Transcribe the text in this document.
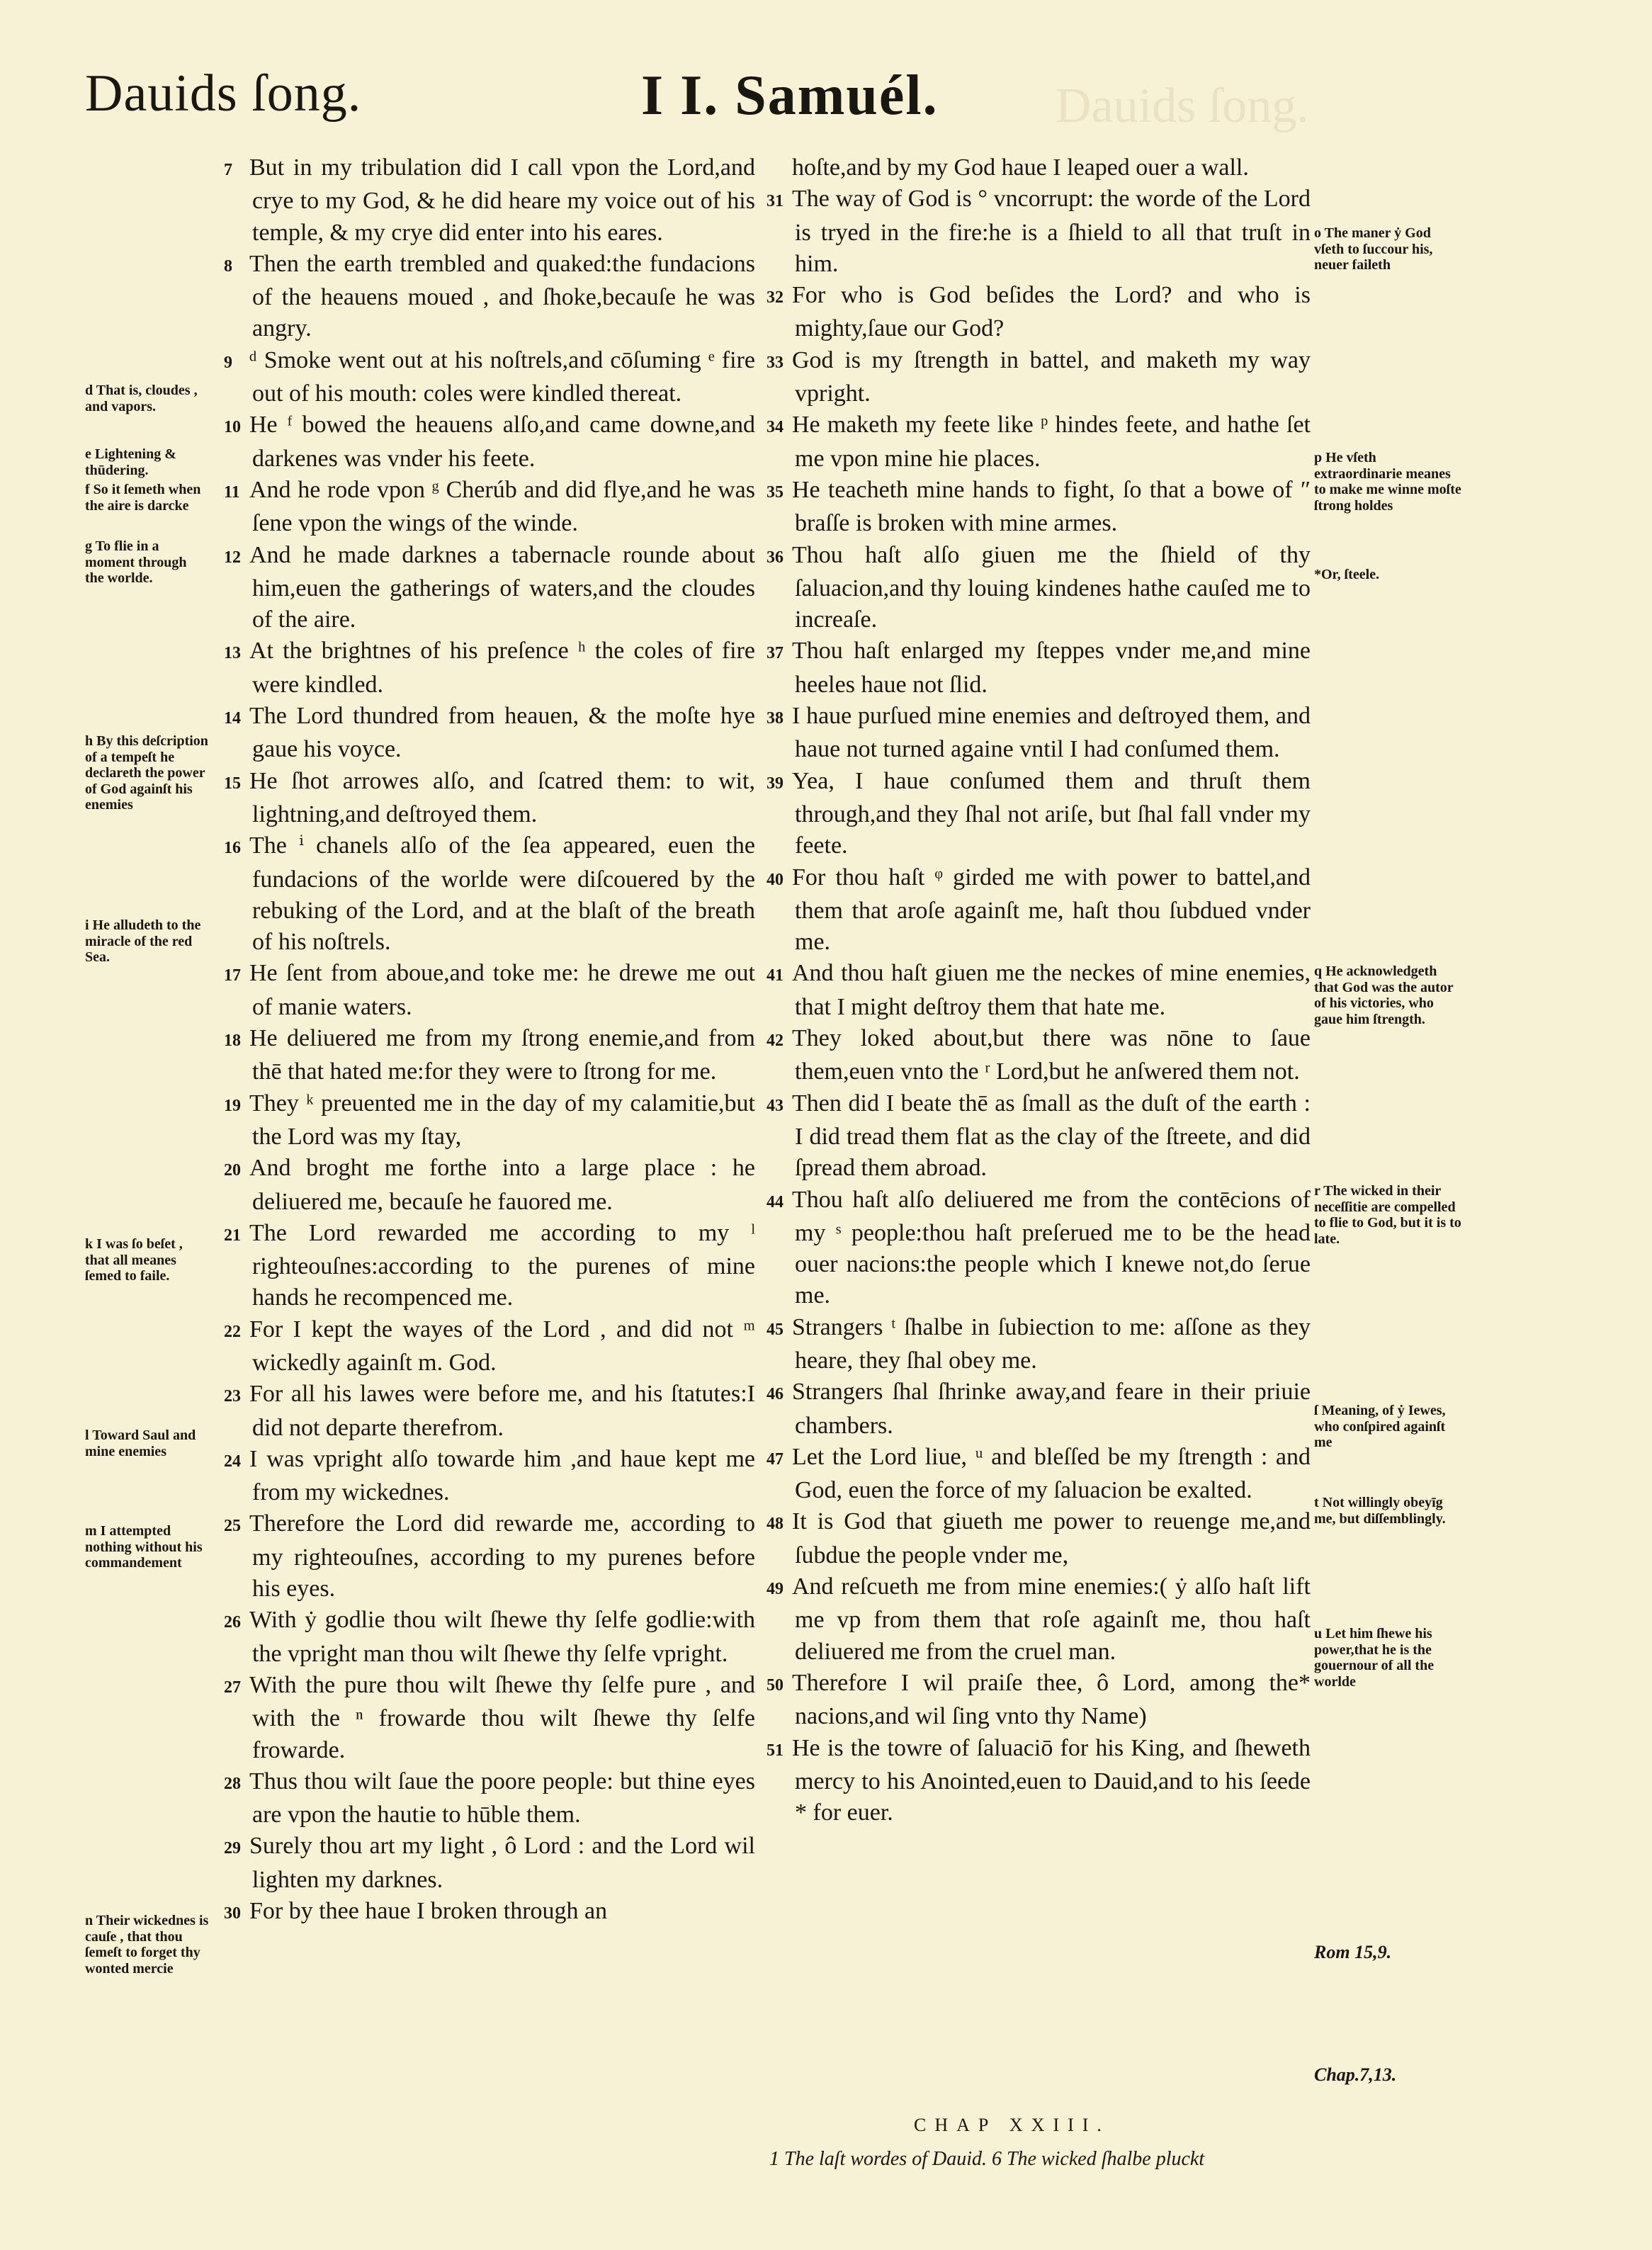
Dauids ſong.
Dauids ſong.	I I. Samuél.
d That is, cloudes , and vapors.
e Lightening & thūdering.
f So it ſemeth when the aire is darcke
g To flie in a moment through the worlde.
h By this deſcription of a tempeſt he declareth the power of God againſt his enemies
i He alludeth to the miracle of the red Sea.
k I was ſo beſet , that all meanes ſemed to faile.
l Toward Saul and mine enemies
m I attempted nothing without his commandement
n Their wickednes is cauſe , that thou ſemeſt to forget thy wonted mercie

7 But in my tribulation did I call vpon the Lord,and crye to my God, & he did heare my voice out of his temple, & my crye did enter into his eares.

8 Then the earth trembled and quaked:the fundacions of the heauens moued , and ſhoke,becauſe he was angry.

9 ᵈ Smoke went out at his noſtrels,and cōſuming ᵉ fire out of his mouth: coles were kindled thereat.

10 He ᶠ bowed the heauens alſo,and came downe,and darkenes was vnder his feete.

11 And he rode vpon ᵍ Cherúb and did flye,and he was ſene vpon the wings of the winde.

12 And he made darknes a tabernacle rounde about him,euen the gatherings of waters,and the cloudes of the aire.

13 At the brightnes of his preſence ʰ the coles of fire were kindled.

14 The Lord thundred from heauen, & the moſte hye gaue his voyce.

15 He ſhot arrowes alſo, and ſcatred them: to wit, lightning,and deſtroyed them.

16 The ⁱ chanels alſo of the ſea appeared, euen the fundacions of the worlde were diſcouered by the rebuking of the Lord, and at the blaſt of the breath of his noſtrels.

17 He ſent from aboue,and toke me: he drewe me out of manie waters.

18 He deliuered me from my ſtrong enemie,and from thē that hated me:for they were to ſtrong for me.

19 They ᵏ preuented me in the day of my calamitie,but the Lord was my ſtay,

20 And broght me forthe into a large place : he deliuered me, becauſe he fauored me.

21 The Lord rewarded me according to my ˡ righteouſnes:according to the purenes of mine hands he recompenced me.

22 For I kept the wayes of the Lord , and did not ᵐ wickedly againſt m. God.

23 For all his lawes were before me, and his ſtatutes:I did not departe therefrom.

24 I was vpright alſo towarde him ,and haue kept me from my wickednes.

25 Therefore the Lord did rewarde me, according to my righteouſnes, according to my purenes before his eyes.

26 With ẏ godlie thou wilt ſhewe thy ſelfe godlie:with the vpright man thou wilt ſhewe thy ſelfe vpright.

27 With the pure thou wilt ſhewe thy ſelfe pure , and with the ⁿ frowarde thou wilt ſhewe thy ſelfe frowarde.

28 Thus thou wilt ſaue the poore people: but thine eyes are vpon the hautie to hūble them.

29 Surely thou art my light , ô Lord : and the Lord wil lighten my darknes.

30 For by thee haue I broken through an

hoſte,and by my God haue I leaped ouer a wall.

31 The way of God is ° vncorrupt: the worde of the Lord is tryed in the fire:he is a ſhield to all that truſt in him.

32 For who is God beſides the Lord? and who is mighty,ſaue our God?

33 God is my ſtrength in battel, and maketh my way vpright.

34 He maketh my feete like ᵖ hindes feete, and hathe ſet me vpon mine hie places.

35 He teacheth mine hands to fight, ſo that a bowe of ″ braſſe is broken with mine armes.

36 Thou haſt alſo giuen me the ſhield of thy ſaluacion,and thy louing kindenes hathe cauſed me to increaſe.

37 Thou haſt enlarged my ſteppes vnder me,and mine heeles haue not ſlid.

38 I haue purſued mine enemies and deſtroyed them, and haue not turned againe vntil I had conſumed them.

39 Yea, I haue conſumed them and thruſt them through,and they ſhal not ariſe, but ſhal fall vnder my feete.

40 For thou haſt ᵠ girded me with power to battel,and them that aroſe againſt me, haſt thou ſubdued vnder me.

41 And thou haſt giuen me the neckes of mine enemies, that I might deſtroy them that hate me.

42 They loked about,but there was nōne to ſaue them,euen vnto the ʳ Lord,but he anſwered them not.

43 Then did I beate thē as ſmall as the duſt of the earth : I did tread them flat as the clay of the ſtreete, and did ſpread them abroad.

44 Thou haſt alſo deliuered me from the contēcions of my ˢ people:thou haſt preſerued me to be the head ouer nacions:the people which I knewe not,do ſerue me.

45 Strangers ᵗ ſhalbe in ſubiection to me: aſſone as they heare, they ſhal obey me.

46 Strangers ſhal ſhrinke away,and feare in their priuie chambers.

47 Let the Lord liue, ᵘ and bleſſed be my ſtrength : and God, euen the force of my ſaluacion be exalted.

48 It is God that giueth me power to reuenge me,and ſubdue the people vnder me,

49 And reſcueth me from mine enemies:( ẏ alſo haſt lift me vp from them that roſe againſt me, thou haſt deliuered me from the cruel man.

50 Therefore I wil praiſe thee, ô Lord, among the* nacions,and wil ſing vnto thy Name)

51 He is the towre of ſaluaciō for his King, and ſheweth mercy to his Anointed,euen to Dauid,and to his ſeede * for euer.

o The maner ẏ God vſeth to ſuccour his, neuer faileth
p He vſeth extraordinarie meanes to make me winne moſte ſtrong holdes
*Or, ſteele.
q He acknowledgeth that God was the autor of his victories, who gaue him ſtrength.
r The wicked in their neceſſitie are compelled to flie to God, but it is to late.
ſ Meaning, of ẏ Iewes, who conſpired againſt me
t Not willingly obeyīg me, but diſſemblingly.
u Let him ſhewe his power,that he is the gouernour of all the worlde
Rom 15,9.
Chap.7,13.
CHAP XXIII.
1 The laſt wordes of Dauid. 6 The wicked ſhalbe pluckt
